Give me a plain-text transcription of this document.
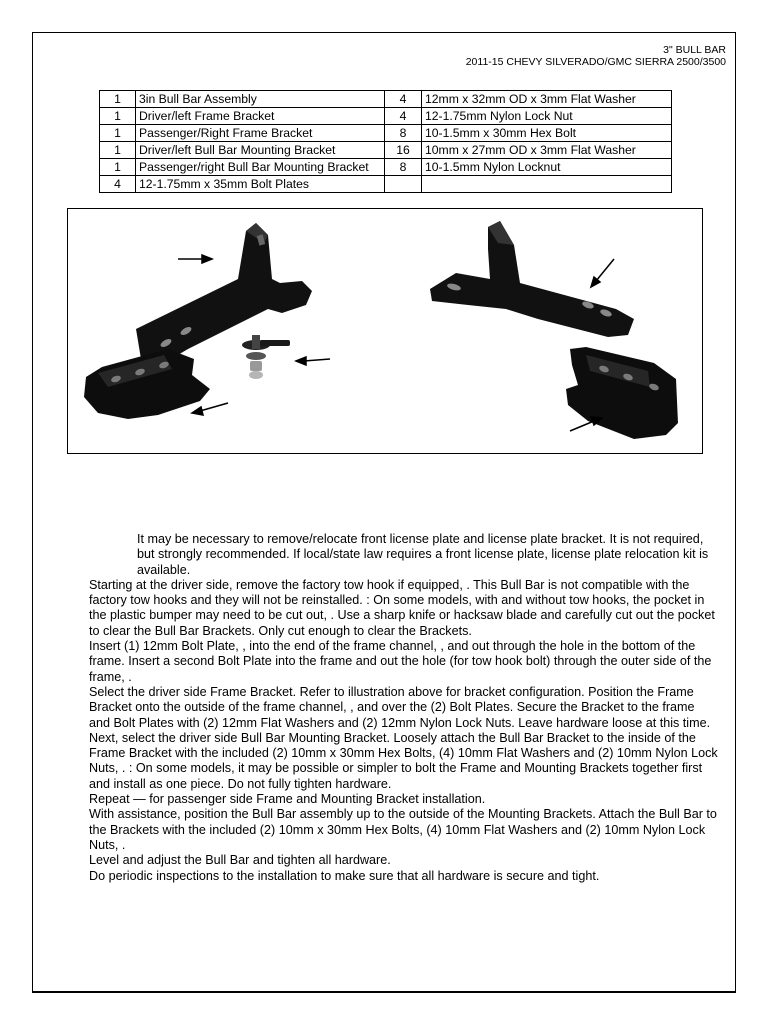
3" BULL BAR
2011-15 CHEVY SILVERADO/GMC SIERRA 2500/3500
1	3in Bull Bar Assembly	4	12mm x 32mm OD x 3mm Flat Washer
1	Driver/left Frame Bracket	4	12-1.75mm Nylon Lock Nut
1	Passenger/Right Frame Bracket	8	10-1.5mm x 30mm Hex Bolt
1	Driver/left Bull Bar Mounting Bracket	16	10mm x 27mm OD x 3mm Flat Washer
1	Passenger/right Bull Bar Mounting Bracket	8	10-1.5mm Nylon Locknut
4	12-1.75mm x 35mm Bolt Plates		

It may be necessary to remove/relocate front license plate and license plate bracket. It is not required, but strongly recommended. If local/state law requires a front license plate, license plate relocation kit is available.

Starting at the driver side, remove the factory tow hook if equipped, . This Bull Bar is not compatible with the factory tow hooks and they will not be reinstalled. : On some models, with and without tow hooks, the pocket in the plastic bumper may need to be cut out, . Use a sharp knife or hacksaw blade and carefully cut out the pocket to clear the Bull Bar Brackets. Only cut enough to clear the Brackets.

Insert (1) 12mm Bolt Plate, , into the end of the frame channel, , and out through the hole in the bottom of the frame. Insert a second Bolt Plate into the frame and out the hole (for tow hook bolt) through the outer side of the frame, .

Select the driver side Frame Bracket. Refer to illustration above for bracket configuration. Position the Frame Bracket onto the outside of the frame channel, , and over the (2) Bolt Plates. Secure the Bracket to the frame and Bolt Plates with (2) 12mm Flat Washers and (2) 12mm Nylon Lock Nuts. Leave hardware loose at this time.

Next, select the driver side Bull Bar Mounting Bracket. Loosely attach the Bull Bar Bracket to the inside of the Frame Bracket with the included (2) 10mm x 30mm Hex Bolts, (4) 10mm Flat Washers and (2) 10mm Nylon Lock Nuts, . : On some models, it may be possible or simpler to bolt the Frame and Mounting Brackets together first and install as one piece. Do not fully tighten hardware.

Repeat — for passenger side Frame and Mounting Bracket installation.

With assistance, position the Bull Bar assembly up to the outside of the Mounting Brackets. Attach the Bull Bar to the Brackets with the included (2) 10mm x 30mm Hex Bolts, (4) 10mm Flat Washers and (2) 10mm Nylon Lock Nuts, .

Level and adjust the Bull Bar and tighten all hardware.

Do periodic inspections to the installation to make sure that all hardware is secure and tight.
